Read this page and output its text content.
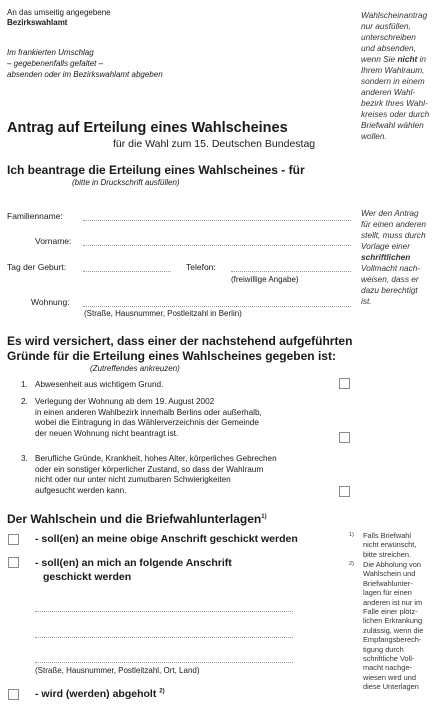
An das umseitig angegebene
Bezirkswahlamt
Im frankierten Umschlag
– gegebenenfalls gefaltet –
absenden oder im Bezirkswahlamt abgeben
Wahlscheinantrag
nur ausfüllen,
unterschreiben
und absenden,
wenn Sie nicht in
Ihrem Wahlraum,
sondern in einem
anderen Wahl-
bezirk Ihres Wahl-
kreises oder durch
Briefwahl wählen
wollen.
Antrag auf Erteilung eines Wahlscheines
für die Wahl zum 15. Deutschen Bundestag
Ich beantrage die Erteilung eines Wahlscheines - für
(bitte in Druckschrift ausfüllen)
Familienname:
Vorname:
Tag der Geburt:	Telefon:
(freiwillige Angabe)
Wohnung:
(Straße, Hausnummer, Postleitzahl in Berlin)
Wer den Antrag
für einen anderen
stellt, muss durch
Vorlage einer
schriftlichen
Vollmacht nach-
weisen, dass er
dazu berechtigt
ist.
Es wird versichert, dass einer der nachstehend aufgeführten
Gründe für die Erteilung eines Wahlscheines gegeben ist:
(Zutreffendes ankreuzen)
1. Abwesenheit aus wichtigem Grund.
2. Verlegung der Wohnung ab dem 19. August 2002
in einen anderen Wahlbezirk innerhalb Berlins oder außerhalb,
wobei die Eintragung in das Wählerverzeichnis der Gemeinde
der neuen Wohnung nicht beantragt ist.
3. Berufliche Gründe, Krankheit, hohes Alter, körperliches Gebrechen
oder ein sonstiger körperlicher Zustand, so dass der Wahlraum
nicht oder nur unter nicht zumutbaren Schwierigkeiten
aufgesucht werden kann.
Der Wahlschein und die Briefwahlunterlagen$^{1)}$
- soll(en) an meine obige Anschrift geschickt werden
- soll(en) an mich an folgende Anschrift
geschickt werden
(Straße, Hausnummer, Postleitzahl, Ort, Land)
- wird (werden) abgeholt $^{2)}$
1) Falls Briefwahl
nicht erwünscht,
bitte streichen.
2) Die Abholung von
Wahlschein und
Briefwahlunter-
lagen für einen
anderen ist nur im
Falle einer plötz-
lichen Erkrankung
zulässig, wenn die
Empfangsberech-
tigung durch
schriftliche Voll-
macht nachge-
wiesen wird und
diese Unterlagen
